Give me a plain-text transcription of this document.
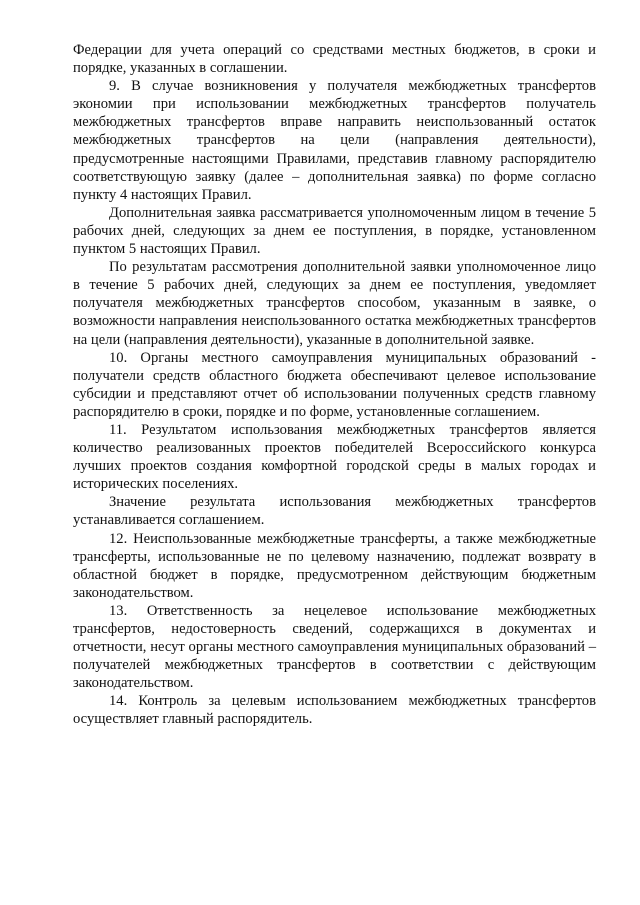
Федерации для учета операций со средствами местных бюджетов, в сроки и порядке, указанных в соглашении.

9. В случае возникновения у получателя межбюджетных трансфертов экономии при использовании межбюджетных трансфертов получатель межбюджетных трансфертов вправе направить неиспользованный остаток межбюджетных трансфертов на цели (направления деятельности), предусмотренные настоящими Правилами, представив главному распорядителю соответствующую заявку (далее – дополнительная заявка) по форме согласно пункту 4 настоящих Правил.

Дополнительная заявка рассматривается уполномоченным лицом в течение 5 рабочих дней, следующих за днем ее поступления, в порядке, установленном пунктом 5 настоящих Правил.

По результатам рассмотрения дополнительной заявки уполномоченное лицо в течение 5 рабочих дней, следующих за днем ее поступления, уведомляет получателя межбюджетных трансфертов способом, указанным в заявке, о возможности направления неиспользованного остатка межбюджетных трансфертов на цели (направления деятельности), указанные в дополнительной заявке.

10. Органы местного самоуправления муниципальных образований - получатели средств областного бюджета обеспечивают целевое использование субсидии и представляют отчет об использовании полученных средств главному распорядителю в сроки, порядке и по форме, установленные соглашением.

11. Результатом использования межбюджетных трансфертов является количество реализованных проектов победителей Всероссийского конкурса лучших проектов создания комфортной городской среды в малых городах и исторических поселениях.

Значение результата использования межбюджетных трансфертов устанавливается соглашением.

12. Неиспользованные межбюджетные трансферты, а также межбюджетные трансферты, использованные не по целевому назначению, подлежат возврату в областной бюджет в порядке, предусмотренном действующим бюджетным законодательством.

13. Ответственность за нецелевое использование межбюджетных трансфертов, недостоверность сведений, содержащихся в документах и отчетности, несут органы местного самоуправления муниципальных образований – получателей межбюджетных трансфертов в соответствии с действующим законодательством.

14. Контроль за целевым использованием межбюджетных трансфертов осуществляет главный распорядитель.
